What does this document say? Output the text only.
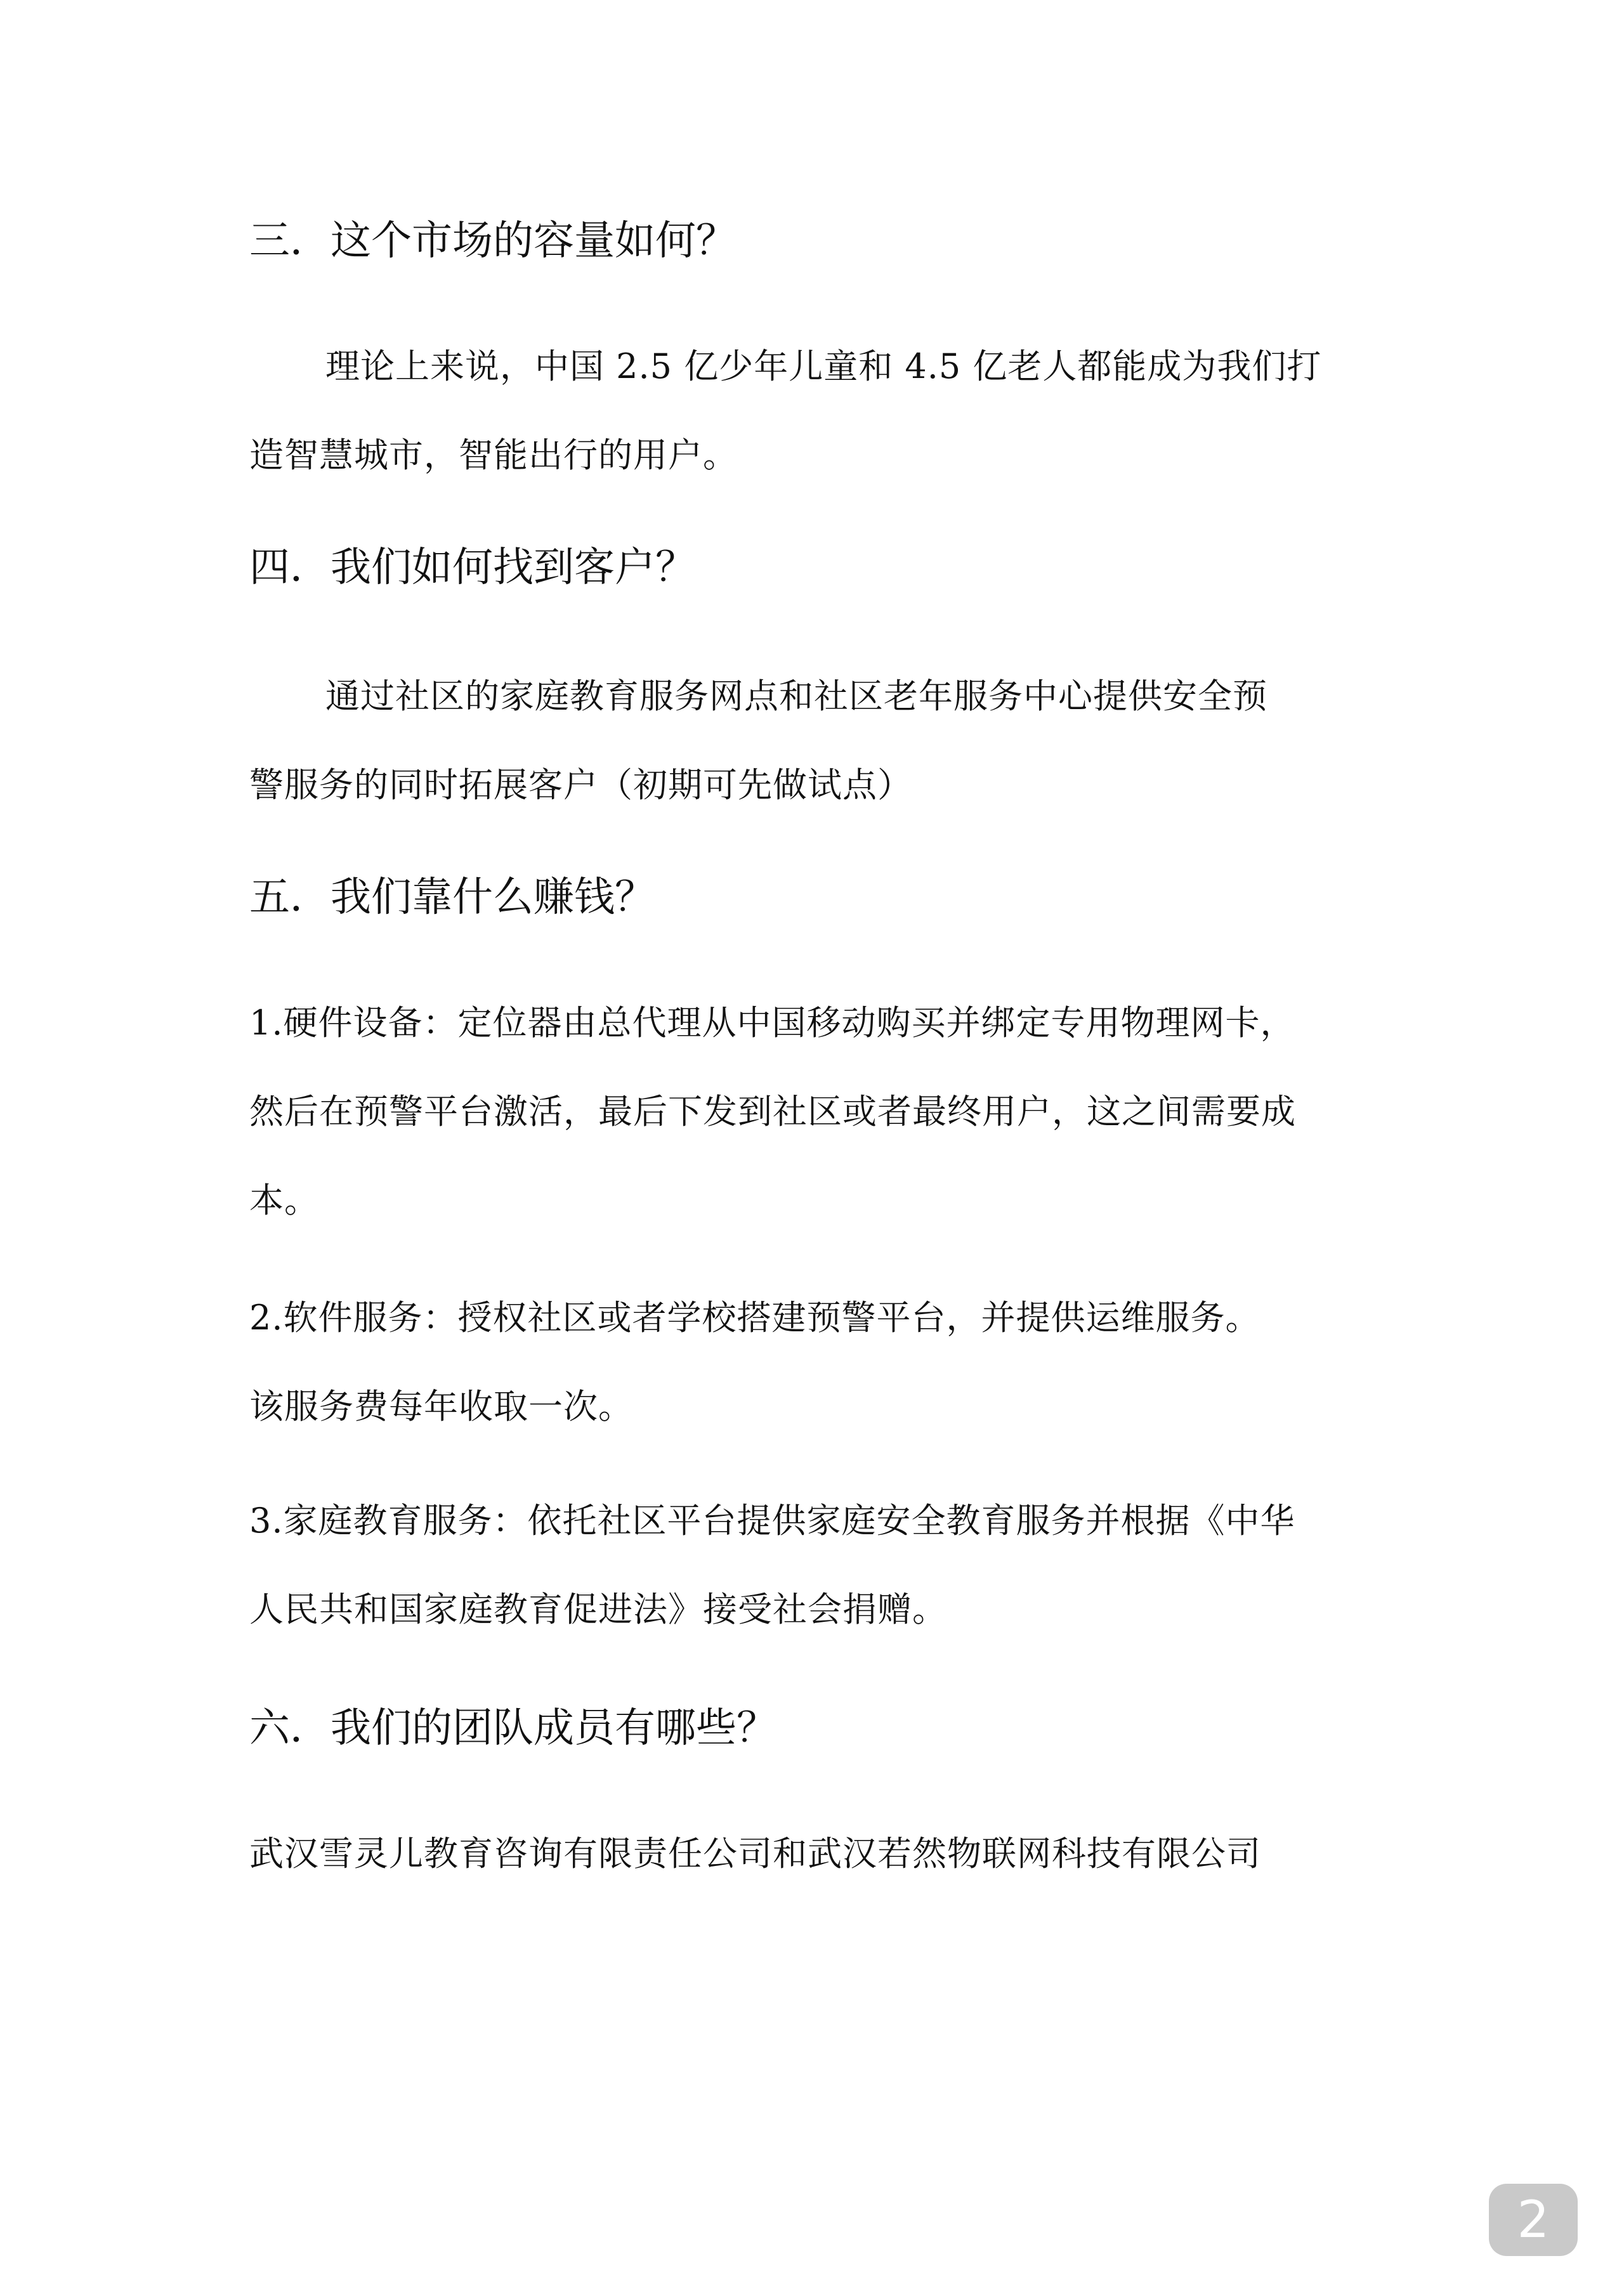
三．这个市场的容量如何？
理论上来说，中国 2.5 亿少年儿童和 4.5 亿老人都能成为我们打
造智慧城市，智能出行的用户。
四．我们如何找到客户？
通过社区的家庭教育服务网点和社区老年服务中心提供安全预
警服务的同时拓展客户（初期可先做试点）
五．我们靠什么赚钱？
1.硬件设备：定位器由总代理从中国移动购买并绑定专用物理网卡，
然后在预警平台激活，最后下发到社区或者最终用户，这之间需要成
本。
2.软件服务：授权社区或者学校搭建预警平台，并提供运维服务。
该服务费每年收取一次。
3.家庭教育服务：依托社区平台提供家庭安全教育服务并根据《中华
人民共和国家庭教育促进法》接受社会捐赠。
六．我们的团队成员有哪些？
武汉雪灵儿教育咨询有限责任公司和武汉若然物联网科技有限公司
2
